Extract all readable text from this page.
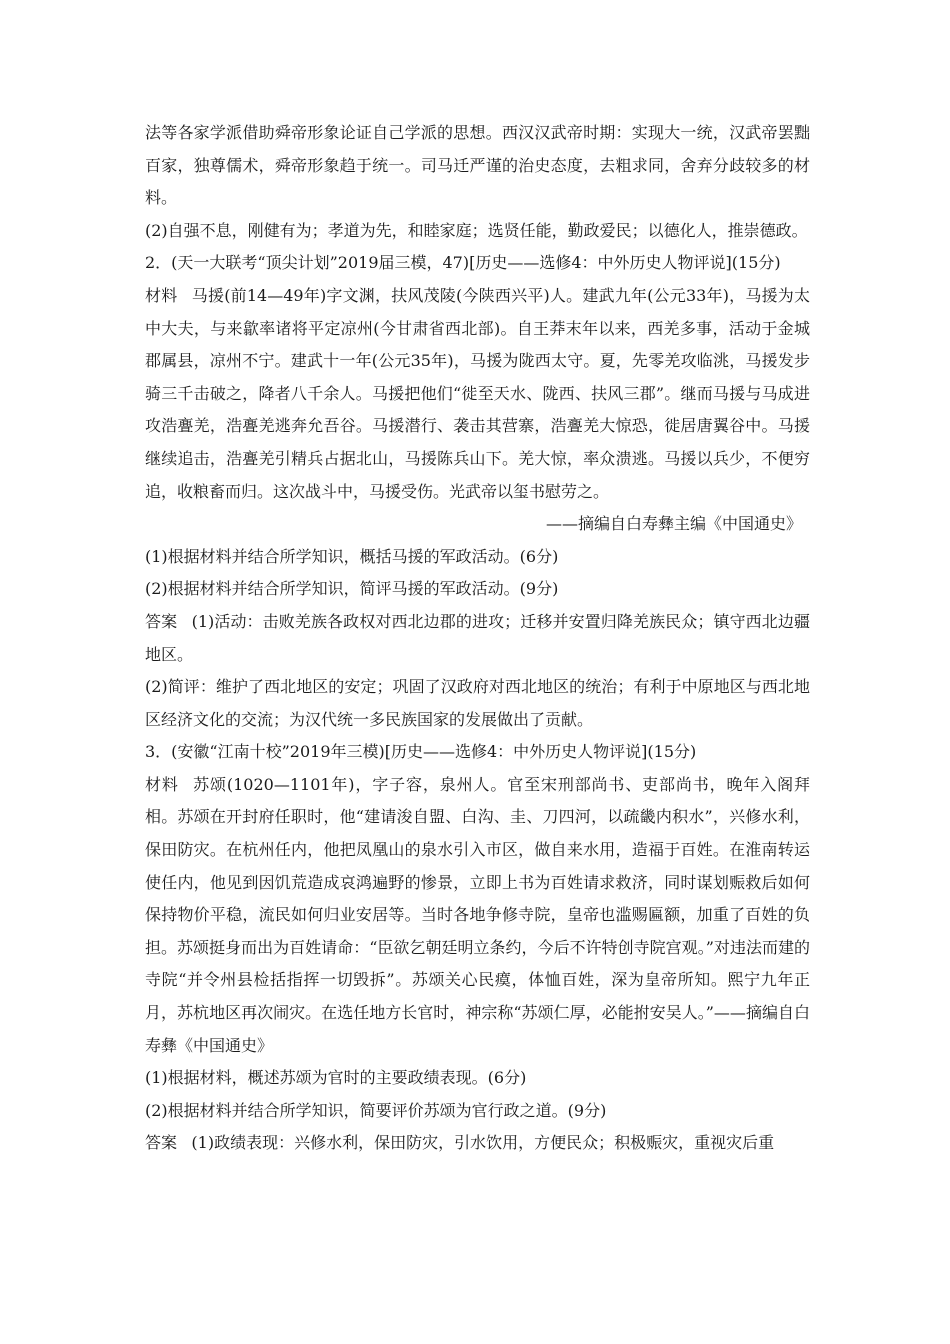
法等各家学派借助舜帝形象论证自己学派的思想。西汉汉武帝时期：实现大一统，汉武帝罢黜百家，独尊儒术，舜帝形象趋于统一。司马迁严谨的治史态度，去粗求同，舍弃分歧较多的材料。

(2)自强不息，刚健有为；孝道为先，和睦家庭；选贤任能，勤政爱民；以德化人，推崇德政。

2．(天一大联考“顶尖计划”2019届三模，47)[历史——选修4：中外历史人物评说](15分)

材料 马援(前14—49年)字文渊，扶风茂陵(今陕西兴平)人。建武九年(公元33年)，马援为太中大夫，与来歙率诸将平定凉州(今甘肃省西北部)。自王莽末年以来，西羌多事，活动于金城郡属县，凉州不宁。建武十一年(公元35年)，马援为陇西太守。夏，先零羌攻临洮，马援发步骑三千击破之，降者八千余人。马援把他们“徙至天水、陇西、扶风三郡”。继而马援与马成进攻浩亹羌，浩亹羌逃奔允吾谷。马援潜行、袭击其营寨，浩亹羌大惊恐，徙居唐翼谷中。马援继续追击，浩亹羌引精兵占据北山，马援陈兵山下。羌大惊，率众溃逃。马援以兵少，不便穷追，收粮畜而归。这次战斗中，马援受伤。光武帝以玺书慰劳之。

——摘编自白寿彝主编《中国通史》

(1)根据材料并结合所学知识，概括马援的军政活动。(6分)

(2)根据材料并结合所学知识，简评马援的军政活动。(9分)

答案 (1)活动：击败羌族各政权对西北边郡的进攻；迁移并安置归降羌族民众；镇守西北边疆地区。

(2)简评：维护了西北地区的安定；巩固了汉政府对西北地区的统治；有利于中原地区与西北地区经济文化的交流；为汉代统一多民族国家的发展做出了贡献。

3．(安徽“江南十校”2019年三模)[历史——选修4：中外历史人物评说](15分)

材料 苏颂(1020—1101年)，字子容，泉州人。官至宋刑部尚书、吏部尚书，晚年入阁拜相。苏颂在开封府任职时，他“建请浚自盟、白沟、圭、刀四河，以疏畿内积水”，兴修水利，保田防灾。在杭州任内，他把凤凰山的泉水引入市区，做自来水用，造福于百姓。在淮南转运使任内，他见到因饥荒造成哀鸿遍野的惨景，立即上书为百姓请求救济，同时谋划赈救后如何保持物价平稳，流民如何归业安居等。当时各地争修寺院，皇帝也滥赐匾额，加重了百姓的负担。苏颂挺身而出为百姓请命：“臣欲乞朝廷明立条约，今后不许特创寺院宫观。”对违法而建的寺院“并令州县检括指挥一切毁拆”。苏颂关心民瘼，体恤百姓，深为皇帝所知。熙宁九年正月，苏杭地区再次闹灾。在选任地方长官时，神宗称“苏颂仁厚，必能拊安吴人。”——摘编自白寿彝《中国通史》

(1)根据材料，概述苏颂为官时的主要政绩表现。(6分)

(2)根据材料并结合所学知识，简要评价苏颂为官行政之道。(9分)

答案 (1)政绩表现：兴修水利，保田防灾，引水饮用，方便民众；积极赈灾，重视灾后重
